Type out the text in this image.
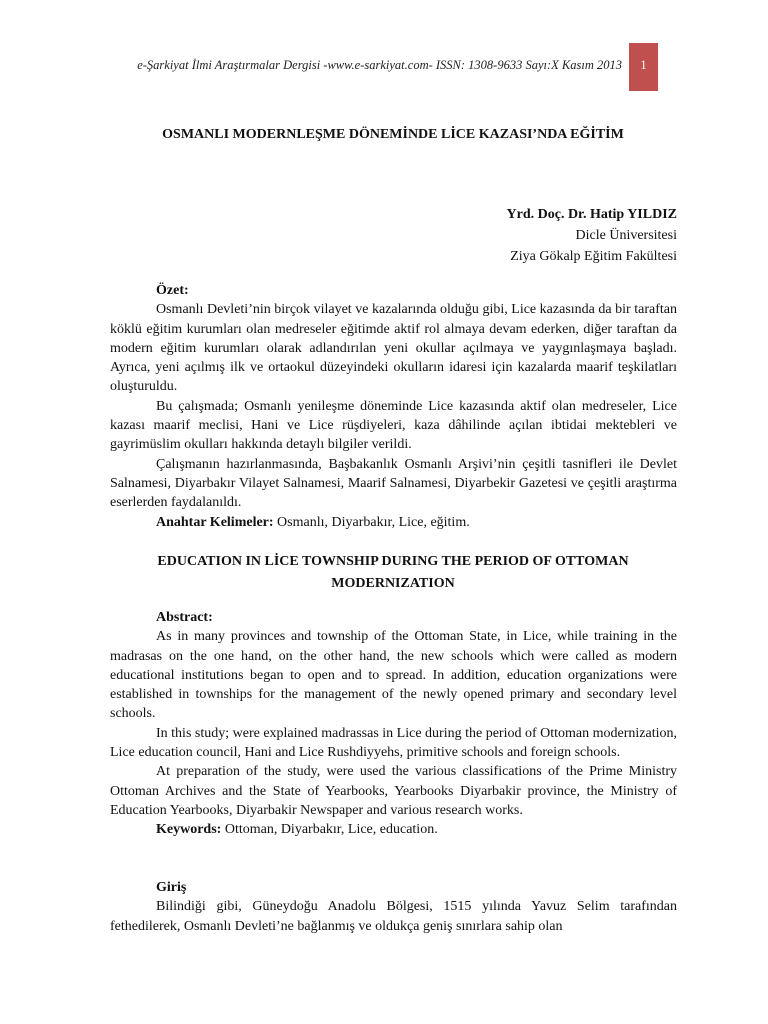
e-Şarkiyat İlmi Araştırmalar Dergisi -www.e-sarkiyat.com- ISSN: 1308-9633 Sayı:X Kasım 2013 1
OSMANLI MODERNLEŞME DÖNEMİNDE LİCE KAZASI’NDA EĞİTİM
Yrd. Doç. Dr. Hatip YILDIZ
Dicle Üniversitesi
Ziya Gökalp Eğitim Fakültesi
Özet:

Osmanlı Devleti’nin birçok vilayet ve kazalarında olduğu gibi, Lice kazasında da bir taraftan köklü eğitim kurumları olan medreseler eğitimde aktif rol almaya devam ederken, diğer taraftan da modern eğitim kurumları olarak adlandırılan yeni okullar açılmaya ve yaygınlaşmaya başladı. Ayrıca, yeni açılmış ilk ve ortaokul düzeyindeki okulların idaresi için kazalarda maarif teşkilatları oluşturuldu.

Bu çalışmada; Osmanlı yenileşme döneminde Lice kazasında aktif olan medreseler, Lice kazası maarif meclisi, Hani ve Lice rüşdiyeleri, kaza dâhilinde açılan ibtidai mektebleri ve gayrimüslim okulları hakkında detaylı bilgiler verildi.

Çalışmanın hazırlanmasında, Başbakanlık Osmanlı Arşivi’nin çeşitli tasnifleri ile Devlet Salnamesi, Diyarbakır Vilayet Salnamesi, Maarif Salnamesi, Diyarbekir Gazetesi ve çeşitli araştırma eserlerden faydalanıldı.

Anahtar Kelimeler: Osmanlı, Diyarbakır, Lice, eğitim.
EDUCATION IN LİCE TOWNSHIP DURING THE PERIOD OF OTTOMAN MODERNIZATION
Abstract:

As in many provinces and township of the Ottoman State, in Lice, while training in the madrasas on the one hand, on the other hand, the new schools which were called as modern educational institutions began to open and to spread. In addition, education organizations were established in townships for the management of the newly opened primary and secondary level schools.

In this study; were explained madrassas in Lice during the period of Ottoman modernization, Lice education council, Hani and Lice Rushdiyyehs, primitive schools and foreign schools.

At preparation of the study, were used the various classifications of the Prime Ministry Ottoman Archives and the State of Yearbooks, Yearbooks Diyarbakir province, the Ministry of Education Yearbooks, Diyarbakir Newspaper and various research works.

Keywords: Ottoman, Diyarbakır, Lice, education.
Giriş

Bilindiği gibi, Güneydoğu Anadolu Bölgesi, 1515 yılında Yavuz Selim tarafından fethedilerek, Osmanlı Devleti’ne bağlanmış ve oldukça geniş sınırlara sahip olan
